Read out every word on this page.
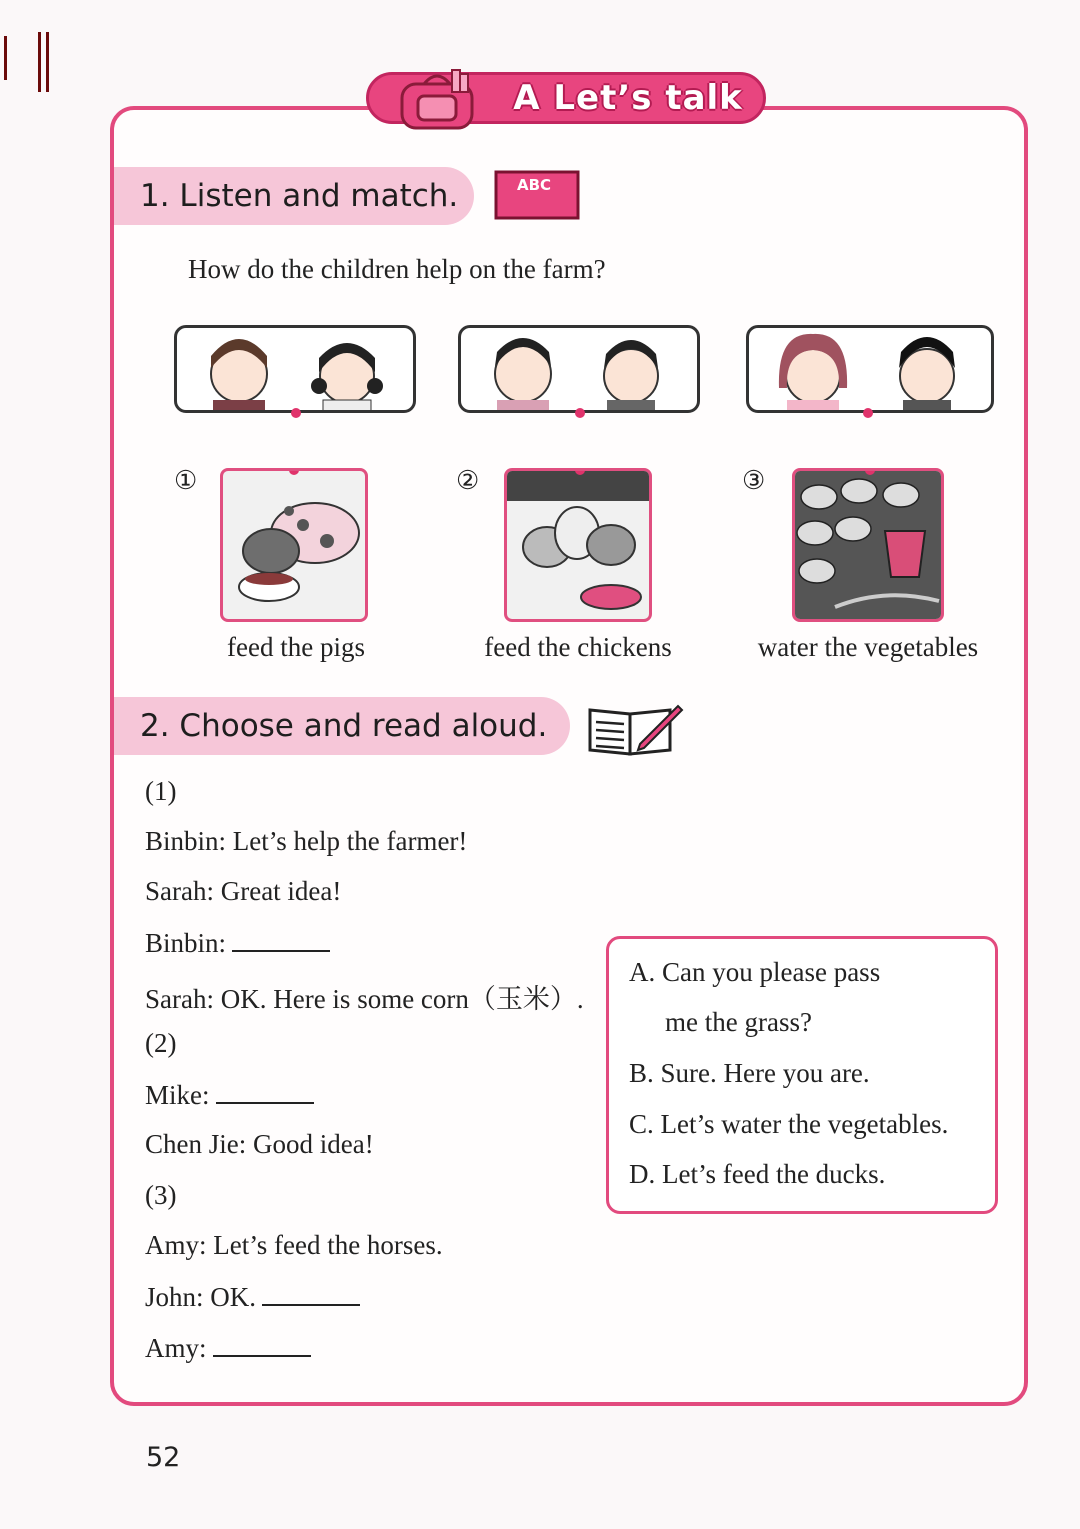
A Let’s talk
1. Listen and match.	ABC
How do the children help on the farm?
①
feed the pigs
②
feed the chickens
③
water the vegetables
2. Choose and read aloud.
(1)
Binbin: Let’s help the farmer!
Sarah: Great idea!
Binbin:
Sarah: OK. Here is some corn（玉米）.
(2)
Mike:
Chen Jie: Good idea!
(3)
Amy: Let’s feed the horses.
John: OK.
Amy:
A. Can you please pass
me the grass?
B. Sure. Here you are.
C. Let’s water the vegetables.
D. Let’s feed the ducks.
52
